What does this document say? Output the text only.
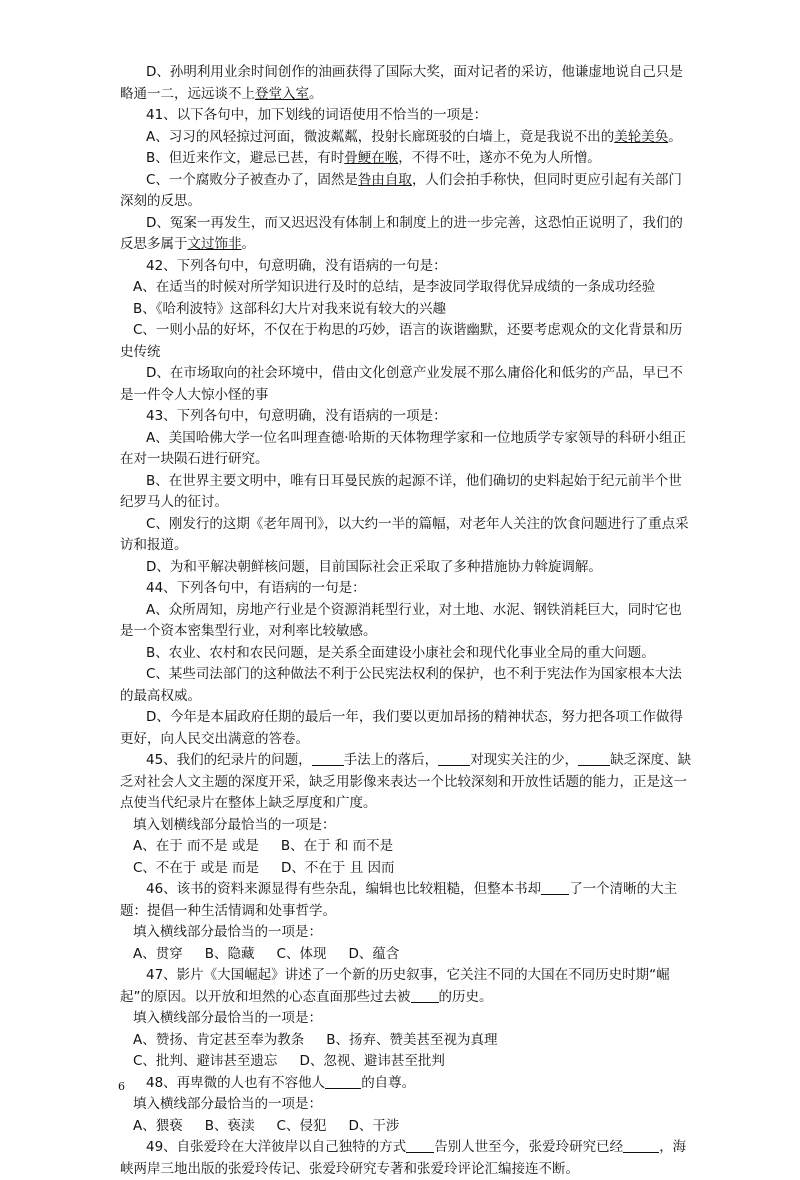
D、孙明利用业余时间创作的油画获得了国际大奖，面对记者的采访，他谦虚地说自己只是略通一二，远远谈不上登堂入室。

41、以下各句中，加下划线的词语使用不恰当的一项是：

A、习习的风轻掠过河面，微波粼粼，投射长廊斑驳的白墙上，竟是我说不出的美轮美奂。

B、但近来作文，避忌已甚，有时骨鲠在喉，不得不吐，遂亦不免为人所憎。

C、一个腐败分子被查办了，固然是咎由自取，人们会拍手称快，但同时更应引起有关部门深刻的反思。

D、冤案一再发生，而又迟迟没有体制上和制度上的进一步完善，这恐怕正说明了，我们的反思多属于文过饰非。

42、下列各句中，句意明确，没有语病的一句是：

A、在适当的时候对所学知识进行及时的总结，是李波同学取得优异成绩的一条成功经验

B、《哈利波特》这部科幻大片对我来说有较大的兴趣

C、一则小品的好坏，不仅在于构思的巧妙，语言的诙谐幽默，还要考虑观众的文化背景和历史传统

D、在市场取向的社会环境中，借由文化创意产业发展不那么庸俗化和低劣的产品，早已不是一件令人大惊小怪的事

43、下列各句中，句意明确，没有语病的一项是：

A、美国哈佛大学一位名叫理查德·哈斯的天体物理学家和一位地质学专家领导的科研小组正在对一块陨石进行研究。

B、在世界主要文明中，唯有日耳曼民族的起源不详，他们确切的史料起始于纪元前半个世纪罗马人的征讨。

C、刚发行的这期《老年周刊》，以大约一半的篇幅，对老年人关注的饮食问题进行了重点采访和报道。

D、为和平解决朝鲜核问题，目前国际社会正采取了多种措施协力斡旋调解。

44、下列各句中，有语病的一句是：

A、众所周知，房地产行业是个资源消耗型行业，对土地、水泥、钢铁消耗巨大，同时它也是一个资本密集型行业，对利率比较敏感。

B、农业、农村和农民问题，是关系全面建设小康社会和现代化事业全局的重大问题。

C、某些司法部门的这种做法不利于公民宪法权利的保护，也不利于宪法作为国家根本大法的最高权威。

D、今年是本届政府任期的最后一年，我们要以更加昂扬的精神状态，努力把各项工作做得更好，向人民交出满意的答卷。

45、我们的纪录片的问题， 手法上的落后， 对现实关注的少， 缺乏深度、缺乏对社会人文主题的深度开采，缺乏用影像来表达一个比较深刻和开放性话题的能力，正是这一点使当代纪录片在整体上缺乏厚度和广度。

填入划横线部分最恰当的一项是：

A、在于 而不是 或是 B、在于 和 而不是

C、不在于 或是 而是 D、不在于 且 因而

46、该书的资料来源显得有些杂乱，编辑也比较粗糙，但整本书却 了一个清晰的大主题：提倡一种生活情调和处事哲学。

填入横线部分最恰当的一项是：

A、贯穿 B、隐藏 C、体现 D、蕴含

47、影片《大国崛起》讲述了一个新的历史叙事，它关注不同的大国在不同历史时期“崛起”的原因。以开放和坦然的心态直面那些过去被 的历史。

填入横线部分最恰当的一项是：

A、赞扬、肯定甚至奉为教条 B、扬弃、赞美甚至视为真理

C、批判、避讳甚至遗忘 D、忽视、避讳甚至批判

48、再卑微的人也有不容他人	的自尊。

填入横线部分最恰当的一项是：

A、猥亵 B、亵渎 C、侵犯 D、干涉

49、自张爱玲在大洋彼岸以自己独特的方式 告别人世至今，张爱玲研究已经	，海峡两岸三地出版的张爱玲传记、张爱玲研究专著和张爱玲评论汇编接连不断。

6
